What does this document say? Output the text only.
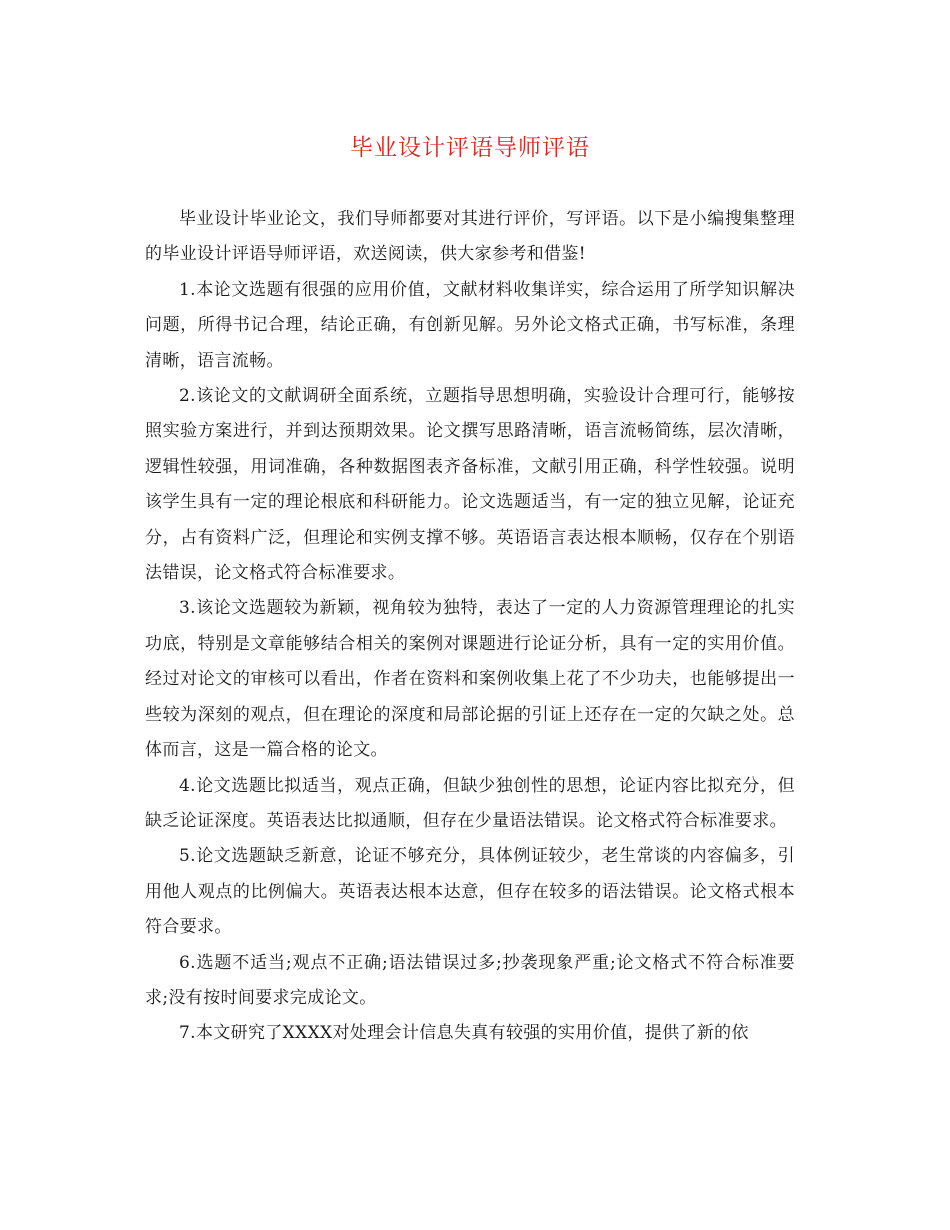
毕业设计评语导师评语

毕业设计毕业论文，我们导师都要对其进行评价，写评语。以下是小编搜集整理的毕业设计评语导师评语，欢送阅读，供大家参考和借鉴!

1.本论文选题有很强的应用价值，文献材料收集详实，综合运用了所学知识解决问题，所得书记合理，结论正确，有创新见解。另外论文格式正确，书写标准，条理清晰，语言流畅。

2.该论文的文献调研全面系统，立题指导思想明确，实验设计合理可行，能够按照实验方案进行，并到达预期效果。论文撰写思路清晰，语言流畅简练，层次清晰，逻辑性较强，用词准确，各种数据图表齐备标准，文献引用正确，科学性较强。说明该学生具有一定的理论根底和科研能力。论文选题适当，有一定的独立见解，论证充分，占有资料广泛，但理论和实例支撑不够。英语语言表达根本顺畅，仅存在个别语法错误，论文格式符合标准要求。

3.该论文选题较为新颖，视角较为独特，表达了一定的人力资源管理理论的扎实功底，特别是文章能够结合相关的案例对课题进行论证分析，具有一定的实用价值。经过对论文的审核可以看出，作者在资料和案例收集上花了不少功夫，也能够提出一些较为深刻的观点，但在理论的深度和局部论据的引证上还存在一定的欠缺之处。总体而言，这是一篇合格的论文。

4.论文选题比拟适当，观点正确，但缺少独创性的思想，论证内容比拟充分，但缺乏论证深度。英语表达比拟通顺，但存在少量语法错误。论文格式符合标准要求。

5.论文选题缺乏新意，论证不够充分，具体例证较少，老生常谈的内容偏多，引用他人观点的比例偏大。英语表达根本达意，但存在较多的语法错误。论文格式根本符合要求。

6.选题不适当;观点不正确;语法错误过多;抄袭现象严重;论文格式不符合标准要求;没有按时间要求完成论文。

7.本文研究了XXXX对处理会计信息失真有较强的实用价值，提供了新的依
